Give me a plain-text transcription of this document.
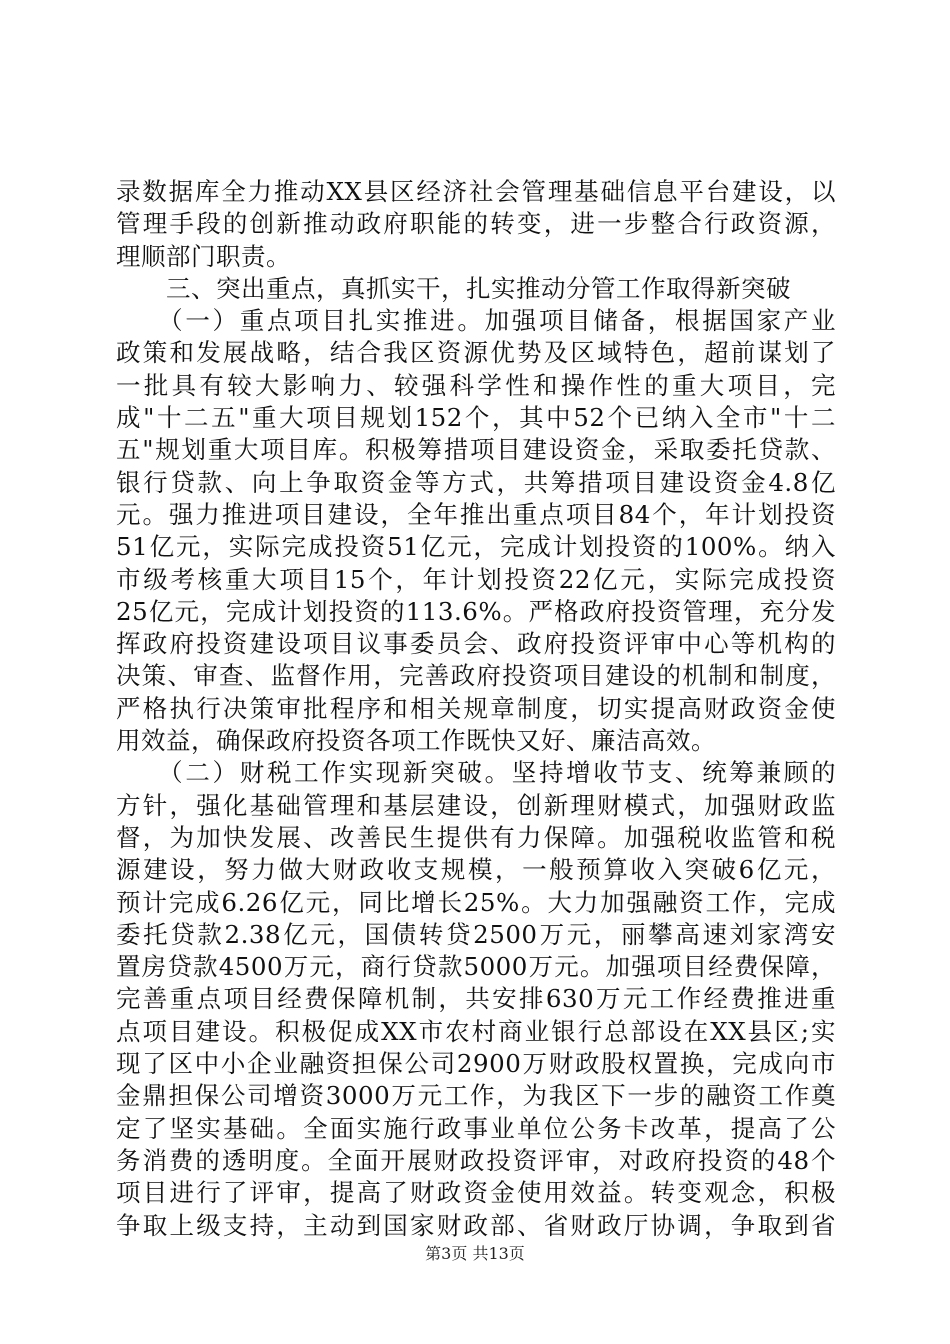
录数据库全力推动XX县区经济社会管理基础信息平台建设，以
管理手段的创新推动政府职能的转变，进一步整合行政资源，
理顺部门职责。
　　三、突出重点，真抓实干，扎实推动分管工作取得新突破
　　（一）重点项目扎实推进。加强项目储备，根据国家产业
政策和发展战略，结合我区资源优势及区域特色，超前谋划了
一批具有较大影响力、较强科学性和操作性的重大项目，完
成"十二五"重大项目规划152个，其中52个已纳入全市"十二
五"规划重大项目库。积极筹措项目建设资金，采取委托贷款、
银行贷款、向上争取资金等方式，共筹措项目建设资金4.8亿
元。强力推进项目建设，全年推出重点项目84个，年计划投资
51亿元，实际完成投资51亿元，完成计划投资的100%。纳入
市级考核重大项目15个，年计划投资22亿元，实际完成投资
25亿元，完成计划投资的113.6%。严格政府投资管理，充分发
挥政府投资建设项目议事委员会、政府投资评审中心等机构的
决策、审查、监督作用，完善政府投资项目建设的机制和制度，
严格执行决策审批程序和相关规章制度，切实提高财政资金使
用效益，确保政府投资各项工作既快又好、廉洁高效。
　　（二）财税工作实现新突破。坚持增收节支、统筹兼顾的
方针，强化基础管理和基层建设，创新理财模式，加强财政监
督，为加快发展、改善民生提供有力保障。加强税收监管和税
源建设，努力做大财政收支规模，一般预算收入突破6亿元，
预计完成6.26亿元，同比增长25%。大力加强融资工作，完成
委托贷款2.38亿元，国债转贷2500万元，丽攀高速刘家湾安
置房贷款4500万元，商行贷款5000万元。加强项目经费保障，
完善重点项目经费保障机制，共安排630万元工作经费推进重
点项目建设。积极促成XX市农村商业银行总部设在XX县区;实
现了区中小企业融资担保公司2900万财政股权置换，完成向市
金鼎担保公司增资3000万元工作，为我区下一步的融资工作奠
定了坚实基础。全面实施行政事业单位公务卡改革，提高了公
务消费的透明度。全面开展财政投资评审，对政府投资的48个
项目进行了评审，提高了财政资金使用效益。转变观念，积极
争取上级支持，主动到国家财政部、省财政厅协调，争取到省
第3页 共13页
